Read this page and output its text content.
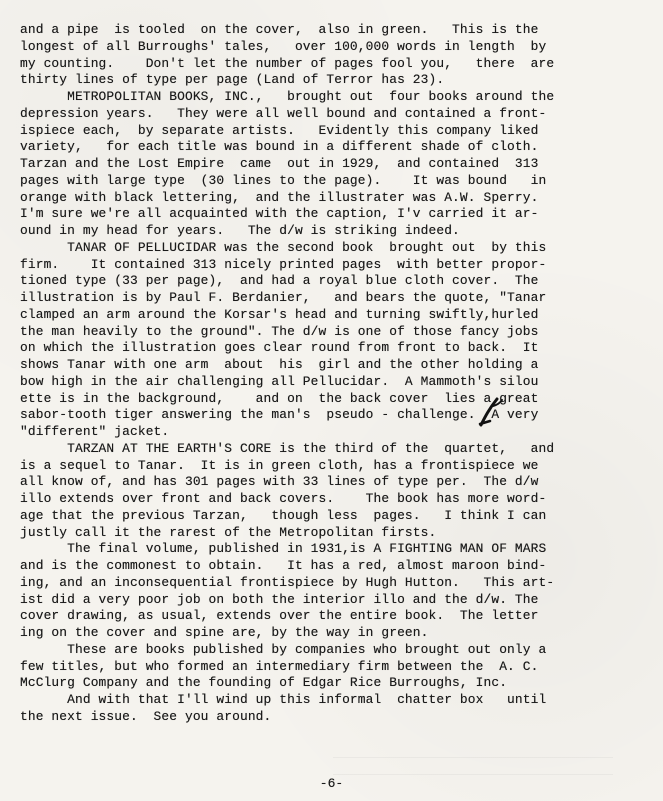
and a pipe  is tooled  on the cover,  also in green.   This is the
longest of all Burroughs' tales,   over 100,000 words in length  by
my counting.    Don't let the number of pages fool you,   there  are
thirty lines of type per page (Land of Terror has 23).
METROPOLITAN BOOKS, INC.,   brought out  four books around the
depression years.   They were all well bound and contained a front-
ispiece each,  by separate artists.   Evidently this company liked
variety,   for each title was bound in a different shade of cloth.
Tarzan and the Lost Empire  came  out in 1929,  and contained  313
pages with large type  (30 lines to the page).    It was bound   in
orange with black lettering,  and the illustrater was A.W. Sperry.
I'm sure we're all acquainted with the caption, I'v carried it ar-
ound in my head for years.   The d/w is striking indeed.
TANAR OF PELLUCIDAR was the second book  brought out  by this
firm.    It contained 313 nicely printed pages  with better propor-
tioned type (33 per page),  and had a royal blue cloth cover.  The
illustration is by Paul F. Berdanier,   and bears the quote, "Tanar
clamped an arm around the Korsar's head and turning swiftly,hurled
the man heavily to the ground". The d/w is one of those fancy jobs
on which the illustration goes clear round from front to back.  It
shows Tanar with one arm  about  his  girl and the other holding a
bow high in the air challenging all Pellucidar.  A Mammoth's silou
ette is in the background,    and on  the back cover  lies a great
sabor-tooth tiger answering the man's  pseudo - challenge.  A very
"different" jacket.
TARZAN AT THE EARTH'S CORE is the third of the  quartet,   and
is a sequel to Tanar.  It is in green cloth, has a frontispiece we
all know of, and has 301 pages with 33 lines of type per.  The d/w
illo extends over front and back covers.    The book has more word-
age that the previous Tarzan,   though less  pages.   I think I can
justly call it the rarest of the Metropolitan firsts.
The final volume, published in 1931,is A FIGHTING MAN OF MARS
and is the commonest to obtain.   It has a red, almost maroon bind-
ing, and an inconsequential frontispiece by Hugh Hutton.   This art-
ist did a very poor job on both the interior illo and the d/w. The
cover drawing, as usual, extends over the entire book.  The letter
ing on the cover and spine are, by the way in green.
These are books published by companies who brought out only a
few titles, but who formed an intermediary firm between the  A. C.
McClurg Company and the founding of Edgar Rice Burroughs, Inc.
And with that I'll wind up this informal  chatter box   until
the next issue.  See you around.
-6-
